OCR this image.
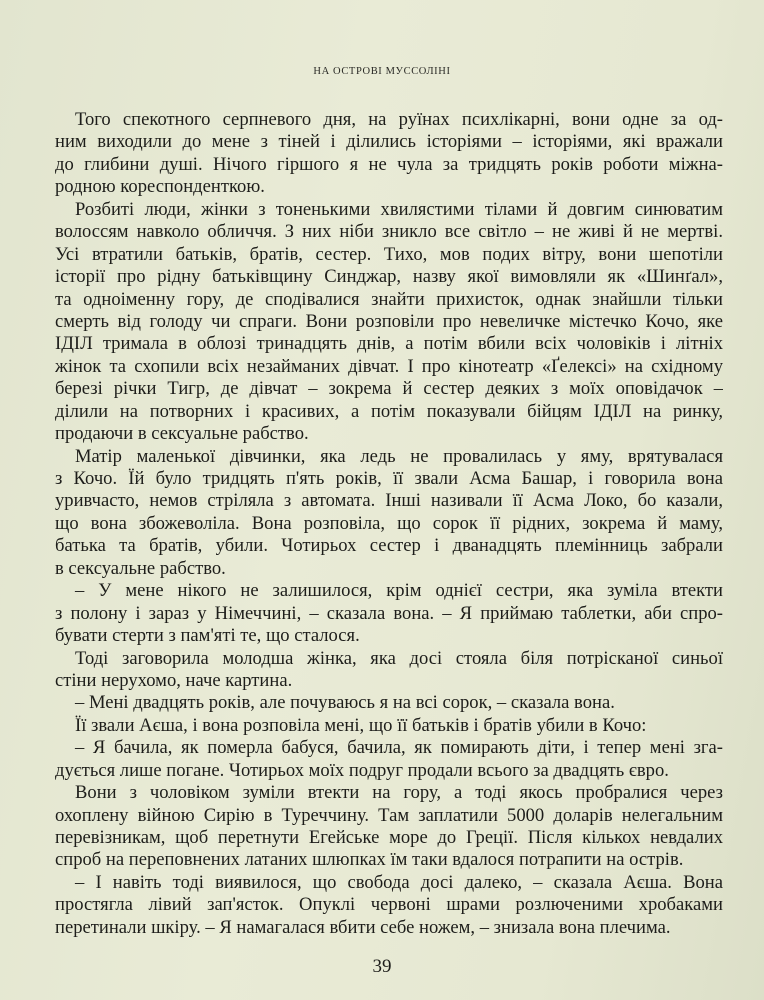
НА ОСТРОВІ МУССОЛІНІ
Того спекотного серпневого дня, на руїнах психлікарні, вони одне за од-
ним виходили до мене з тіней і ділились історіями – історіями, які вражали
до глибини душі. Нічого гіршого я не чула за тридцять років роботи міжна-
родною кореспонденткою.
Розбиті люди, жінки з тоненькими хвилястими тілами й довгим синюватим
волоссям навколо обличчя. З них ніби зникло все світло – не живі й не мертві.
Усі втратили батьків, братів, сестер. Тихо, мов подих вітру, вони шепотіли
історії про рідну батьківщину Синджар, назву якої вимовляли як «Шинґал»,
та одноіменну гору, де сподівалися знайти прихисток, однак знайшли тільки
смерть від голоду чи спраги. Вони розповіли про невеличке містечко Кочо, яке
ІДІЛ тримала в облозі тринадцять днів, а потім вбили всіх чоловіків і літніх
жінок та схопили всіх незайманих дівчат. І про кінотеатр «Ґелексі» на східному
березі річки Тигр, де дівчат – зокрема й сестер деяких з моїх оповідачок –
ділили на потворних і красивих, а потім показували бійцям ІДІЛ на ринку,
продаючи в сексуальне рабство.
Матір маленької дівчинки, яка ледь не провалилась у яму, врятувалася
з Кочо. Їй було тридцять п'ять років, її звали Асма Башар, і говорила вона
уривчасто, немов стріляла з автомата. Інші називали її Асма Локо, бо казали,
що вона збожеволіла. Вона розповіла, що сорок її рідних, зокрема й маму,
батька та братів, убили. Чотирьох сестер і дванадцять племінниць забрали
в сексуальне рабство.
– У мене нікого не залишилося, крім однієї сестри, яка зуміла втекти
з полону і зараз у Німеччині, – сказала вона. – Я приймаю таблетки, аби спро-
бувати стерти з пам'яті те, що сталося.
Тоді заговорила молодша жінка, яка досі стояла біля потрісканої синьої
стіни нерухомо, наче картина.
– Мені двадцять років, але почуваюсь я на всі сорок, – сказала вона.
Її звали Аєша, і вона розповіла мені, що її батьків і братів убили в Кочо:
– Я бачила, як померла бабуся, бачила, як помирають діти, і тепер мені зга-
дується лише погане. Чотирьох моїх подруг продали всього за двадцять євро.
Вони з чоловіком зуміли втекти на гору, а тоді якось пробралися через
охоплену війною Сирію в Туреччину. Там заплатили 5000 доларів нелегальним
перевізникам, щоб перетнути Егейське море до Греції. Після кількох невдалих
спроб на переповнених латаних шлюпках їм таки вдалося потрапити на острів.
– І навіть тоді виявилося, що свобода досі далеко, – сказала Аєша. Вона
простягла лівий зап'ясток. Опуклі червоні шрами розлюченими хробаками
перетинали шкіру. – Я намагалася вбити себе ножем, – знизала вона плечима.
39
